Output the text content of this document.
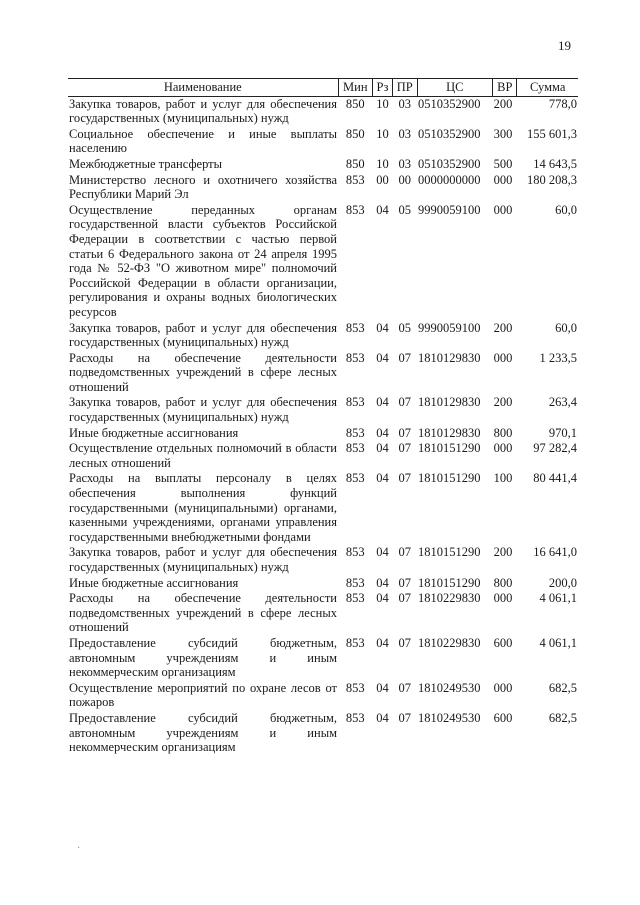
19
Наименование	Мин	Рз	ПР	ЦС	ВР	Сумма
Закупка товаров, работ и услуг для обеспечения государственных (муниципальных) нужд	850	10	03	0510352900	200	778,0
Социальное обеспечение и иные выплаты населению	850	10	03	0510352900	300	155 601,3
Межбюджетные трансферты	850	10	03	0510352900	500	14 643,5
Министерство лесного и охотничего хозяйства Республики Марий Эл	853	00	00	0000000000	000	180 208,3
Осуществление переданных органам государственной власти субъектов Российской Федерации в соответствии с частью первой статьи 6 Федерального закона от 24 апреля 1995 года № 52-ФЗ "О животном мире" полномочий Российской Федерации в области организации, регулирования и охраны водных биологических ресурсов	853	04	05	9990059100	000	60,0
Закупка товаров, работ и услуг для обеспечения государственных (муниципальных) нужд	853	04	05	9990059100	200	60,0
Расходы на обеспечение деятельности подведомственных учреждений в сфере лесных отношений	853	04	07	1810129830	000	1 233,5
Закупка товаров, работ и услуг для обеспечения государственных (муниципальных) нужд	853	04	07	1810129830	200	263,4
Иные бюджетные ассигнования	853	04	07	1810129830	800	970,1
Осуществление отдельных полномочий в области лесных отношений	853	04	07	1810151290	000	97 282,4
Расходы на выплаты персоналу в целях обеспечения выполнения функций государственными (муниципальными) органами, казенными учреждениями, органами управления государственными внебюджетными фондами	853	04	07	1810151290	100	80 441,4
Закупка товаров, работ и услуг для обеспечения государственных (муниципальных) нужд	853	04	07	1810151290	200	16 641,0
Иные бюджетные ассигнования	853	04	07	1810151290	800	200,0
Расходы на обеспечение деятельности подведомственных учреждений в сфере лесных отношений	853	04	07	1810229830	000	4 061,1
Предоставление субсидий бюджетным, автономным учреждениям и иным некоммерческим организациям	853	04	07	1810229830	600	4 061,1
Осуществление мероприятий по охране лесов от пожаров	853	04	07	1810249530	000	682,5
Предоставление субсидий бюджетным, автономным учреждениям и иным некоммерческим организациям	853	04	07	1810249530	600	682,5
·
